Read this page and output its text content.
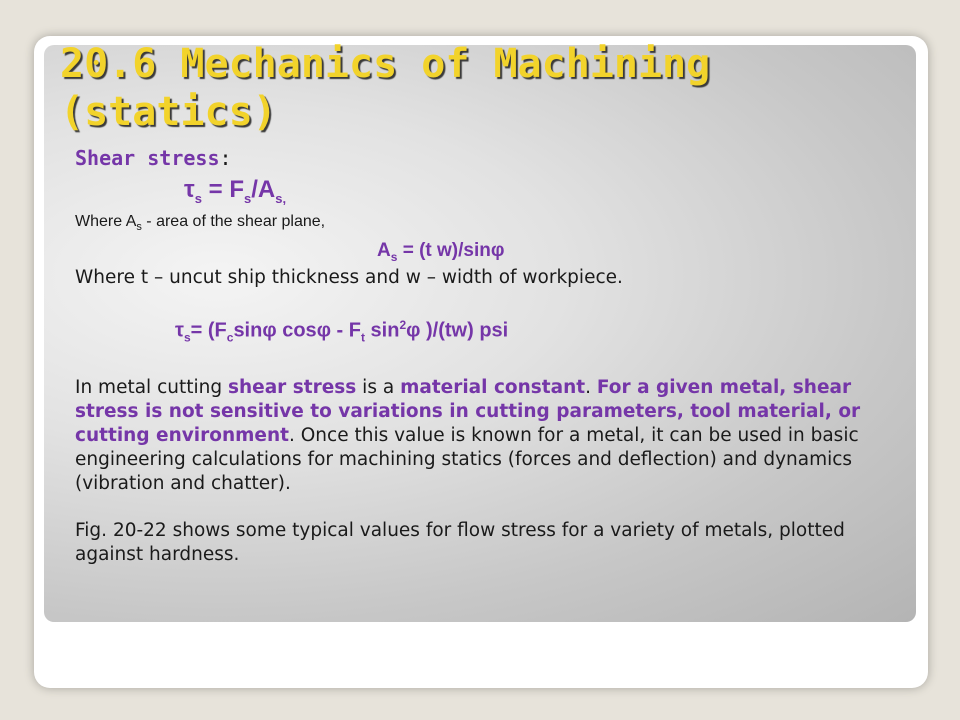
20.6 Mechanics of Machining
(statics)
Shear stress:
$\tau_s = F_s/A_{s,}$
Where $A_s$ - area of the shear plane,
$A_s = (t$ w)/sinφ
Where t – uncut ship thickness and w – width of workpiece.
$\tau_s= (F_c\sin\varphi$ cosφ - $F_t$ $\sin^2\varphi$ )/(tw) psi
In metal cutting shear stress is a material constant. For a given metal, shear stress is not sensitive to variations in cutting parameters, tool material, or cutting environment. Once this value is known for a metal, it can be used in basic engineering calculations for machining statics (forces and deflection) and dynamics (vibration and chatter).
Fig. 20-22 shows some typical values for flow stress for a variety of metals, plotted against hardness.
